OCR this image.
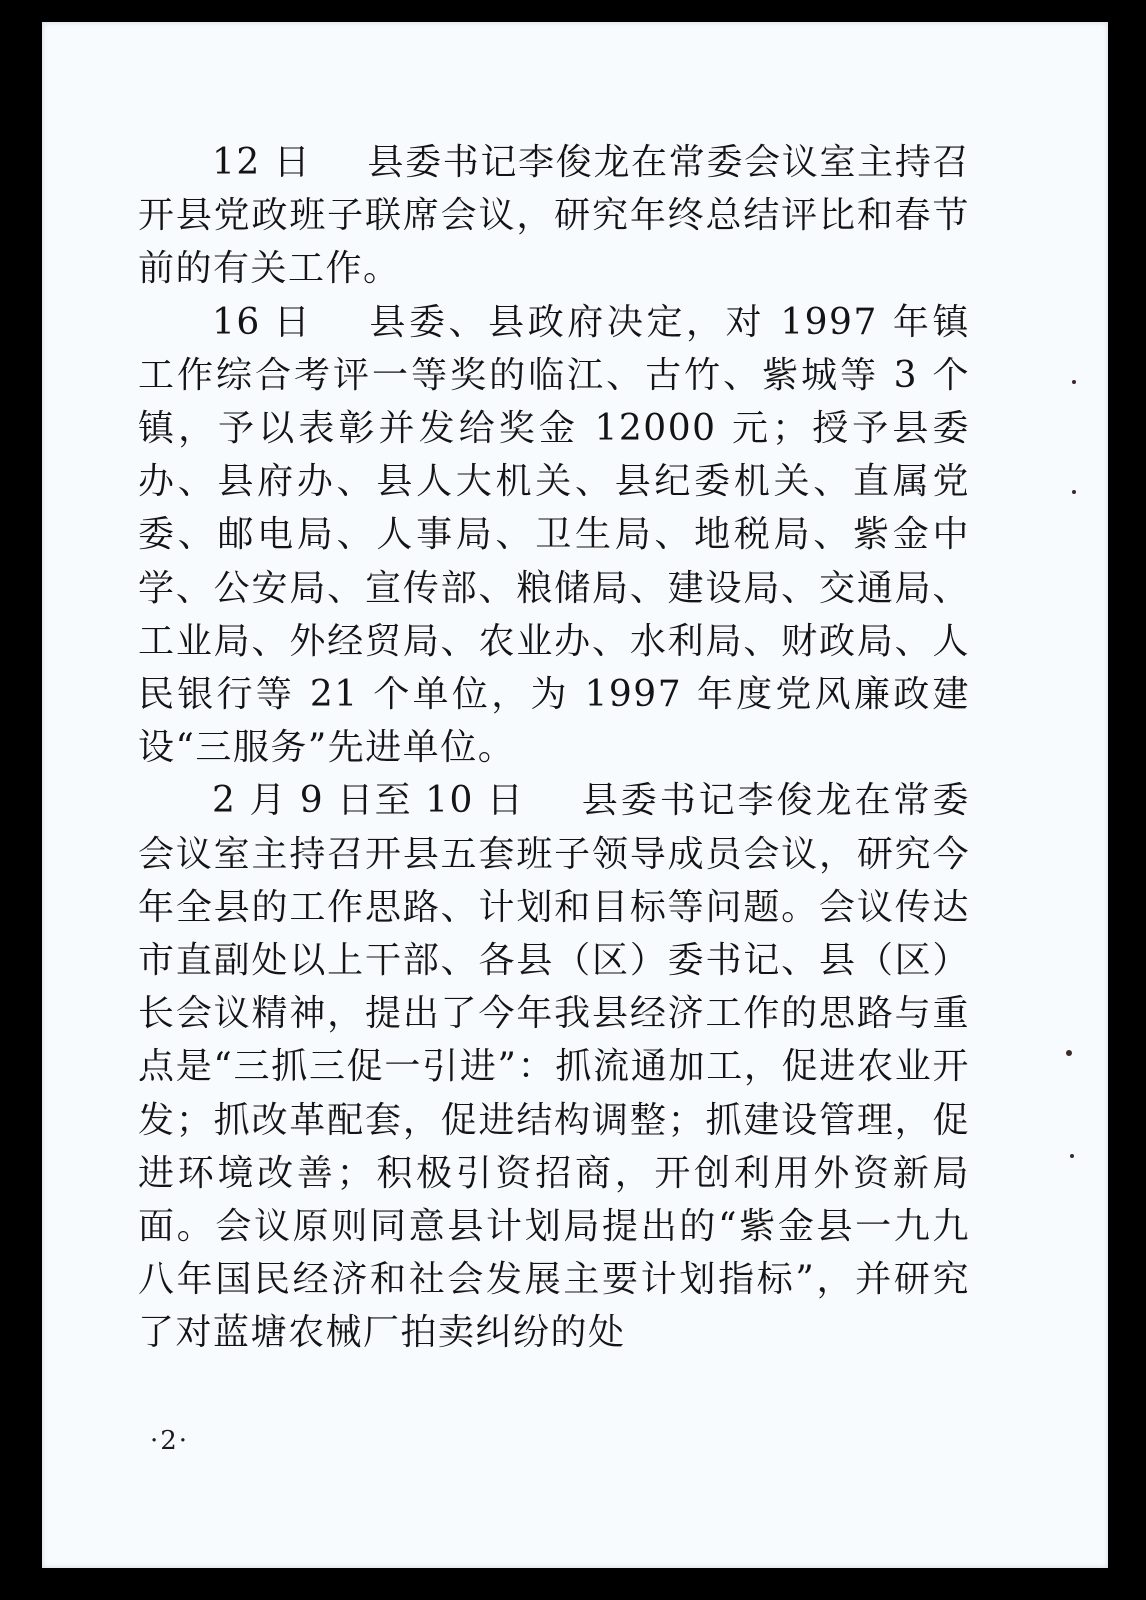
12 日 县委书记李俊龙在常委会议室主持召开县党政班子联席会议，研究年终总结评比和春节前的有关工作。

16 日 县委、县政府决定，对 1997 年镇工作综合考评一等奖的临江、古竹、紫城等 3 个镇，予以表彰并发给奖金 12000 元；授予县委办、县府办、县人大机关、县纪委机关、直属党委、邮电局、人事局、卫生局、地税局、紫金中学、公安局、宣传部、粮储局、建设局、交通局、工业局、外经贸局、农业办、水利局、财政局、人民银行等 21 个单位，为 1997 年度党风廉政建设“三服务”先进单位。

2 月 9 日至 10 日 县委书记李俊龙在常委会议室主持召开县五套班子领导成员会议，研究今年全县的工作思路、计划和目标等问题。会议传达市直副处以上干部、各县（区）委书记、县（区）长会议精神，提出了今年我县经济工作的思路与重点是“三抓三促一引进”：抓流通加工，促进农业开发；抓改革配套，促进结构调整；抓建设管理，促进环境改善；积极引资招商，开创利用外资新局面。会议原则同意县计划局提出的“紫金县一九九八年国民经济和社会发展主要计划指标”，并研究了对蓝塘农械厂拍卖纠纷的处

·2·
